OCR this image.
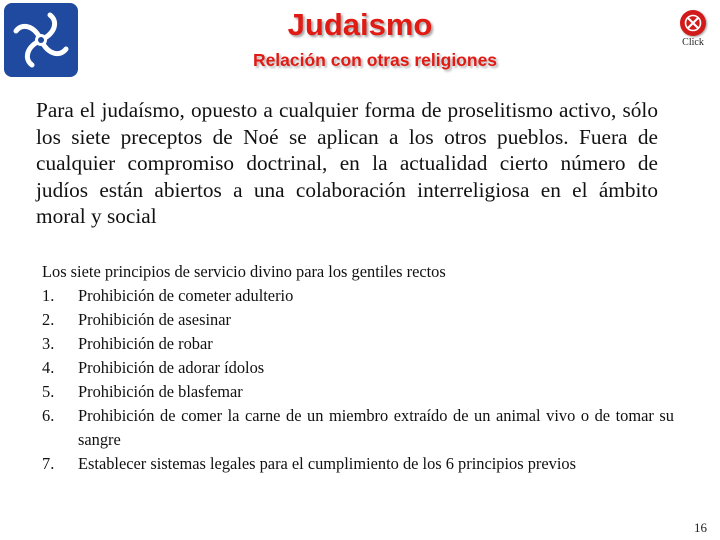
Judaismo
Relación con otras religiones
Click
Para el judaísmo, opuesto a cualquier forma de proselitismo activo, sólo los siete preceptos de Noé se aplican a los otros pueblos. Fuera de cualquier compromiso doctrinal, en la actualidad cierto número de judíos están abiertos a una colaboración interreligiosa en el ámbito moral y social
Los siete principios de servicio divino para los gentiles rectos
1. Prohibición de cometer adulterio
2. Prohibición de asesinar
3. Prohibición de robar
4. Prohibición de adorar ídolos
5. Prohibición de blasfemar
6. Prohibición de comer la carne de un miembro extraído de un animal vivo o de tomar su sangre
7. Establecer sistemas legales para el cumplimiento de los 6 principios previos
16
